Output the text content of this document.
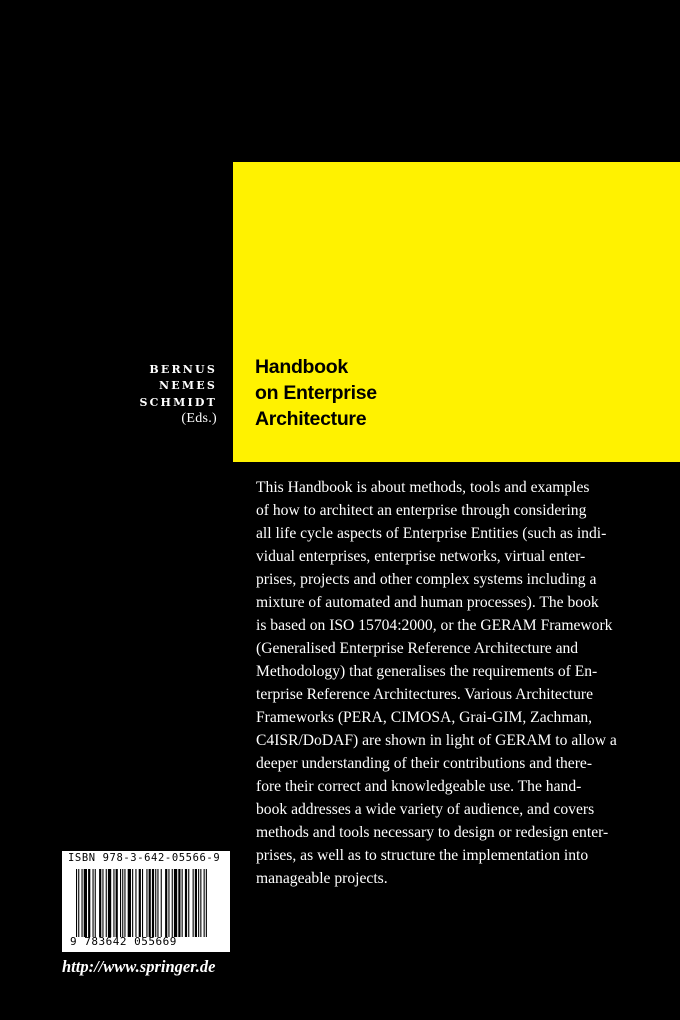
Handbook
on Enterprise
Architecture
BERNUS
NEMES
SCHMIDT
(Eds.)
This Handbook is about methods, tools and examples
of how to architect an enterprise through considering
all life cycle aspects of Enterprise Entities (such as indi-
vidual enterprises, enterprise networks, virtual enter-
prises, projects and other complex systems including a
mixture of automated and human processes). The book
is based on ISO 15704:2000, or the GERAM Framework
(Generalised Enterprise Reference Architecture and
Methodology) that generalises the requirements of En-
terprise Reference Architectures. Various Architecture
Frameworks (PERA, CIMOSA, Grai-GIM, Zachman,
C4ISR/DoDAF) are shown in light of GERAM to allow a
deeper understanding of their contributions and there-
fore their correct and knowledgeable use. The hand-
book addresses a wide variety of audience, and covers
methods and tools necessary to design or redesign enter-
prises, as well as to structure the implementation into
manageable projects.
ISBN 978-3-642-05566-9
9 783642 055669
http://www.springer.de
